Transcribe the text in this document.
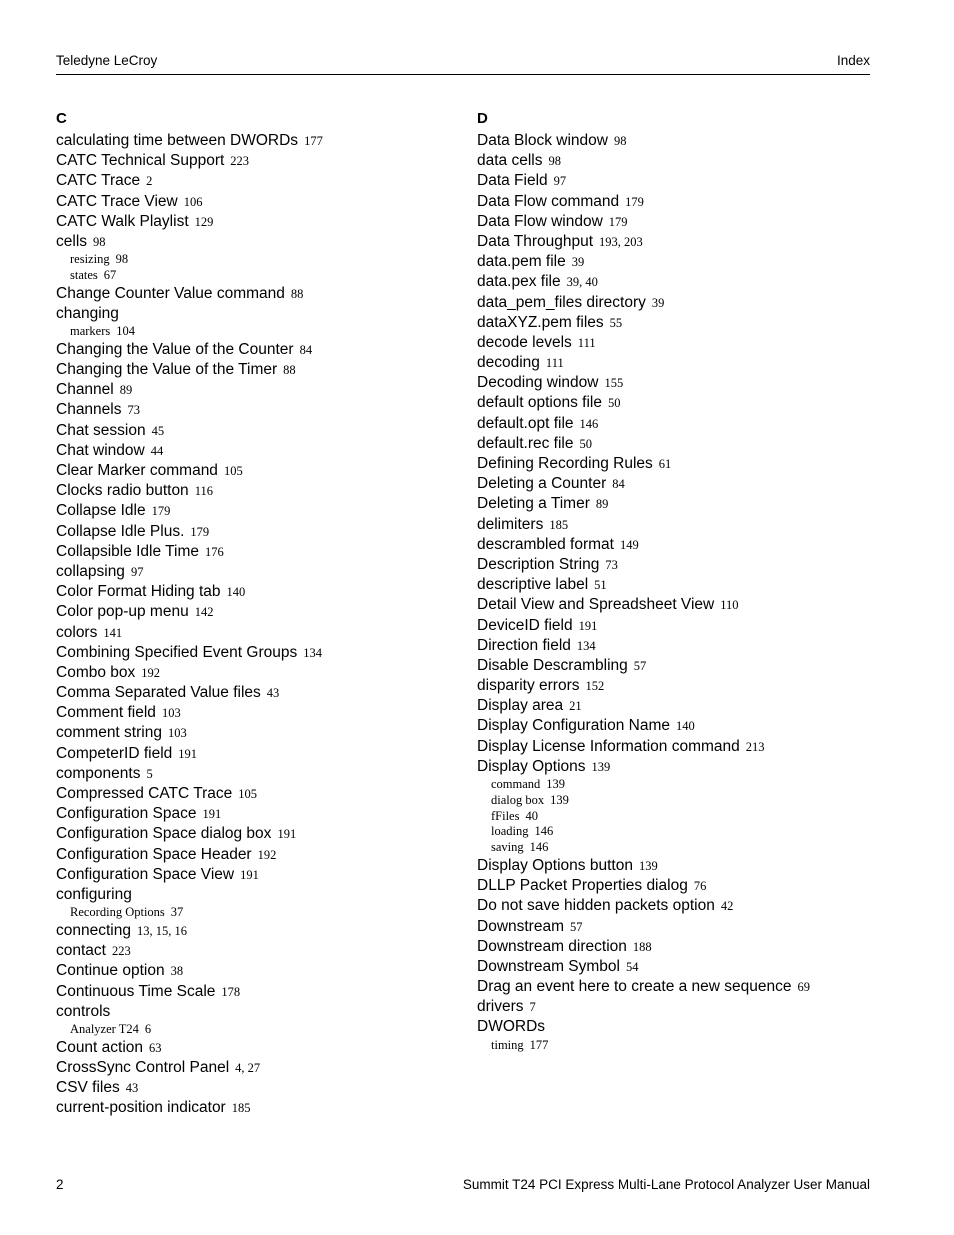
Teledyne LeCroy	Index
C
calculating time between DWORDs 177
CATC Technical Support 223
CATC Trace 2
CATC Trace View 106
CATC Walk Playlist 129
cells 98
resizing 98
states 67
Change Counter Value command 88
changing
markers 104
Changing the Value of the Counter 84
Changing the Value of the Timer 88
Channel 89
Channels 73
Chat session 45
Chat window 44
Clear Marker command 105
Clocks radio button 116
Collapse Idle 179
Collapse Idle Plus. 179
Collapsible Idle Time 176
collapsing 97
Color Format Hiding tab 140
Color pop-up menu 142
colors 141
Combining Specified Event Groups 134
Combo box 192
Comma Separated Value files 43
Comment field 103
comment string 103
CompeterID field 191
components 5
Compressed CATC Trace 105
Configuration Space 191
Configuration Space dialog box 191
Configuration Space Header 192
Configuration Space View 191
configuring
Recording Options 37
connecting 13, 15, 16
contact 223
Continue option 38
Continuous Time Scale 178
controls
Analyzer T24 6
Count action 63
CrossSync Control Panel 4, 27
CSV files 43
current-position indicator 185
D
Data Block window 98
data cells 98
Data Field 97
Data Flow command 179
Data Flow window 179
Data Throughput 193, 203
data.pem file 39
data.pex file 39, 40
data_pem_files directory 39
dataXYZ.pem files 55
decode levels 111
decoding 111
Decoding window 155
default options file 50
default.opt file 146
default.rec file 50
Defining Recording Rules 61
Deleting a Counter 84
Deleting a Timer 89
delimiters 185
descrambled format 149
Description String 73
descriptive label 51
Detail View and Spreadsheet View 110
DeviceID field 191
Direction field 134
Disable Descrambling 57
disparity errors 152
Display area 21
Display Configuration Name 140
Display License Information command 213
Display Options 139
command 139
dialog box 139
fFiles 40
loading 146
saving 146
Display Options button 139
DLLP Packet Properties dialog 76
Do not save hidden packets option 42
Downstream 57
Downstream direction 188
Downstream Symbol 54
Drag an event here to create a new sequence 69
drivers 7
DWORDs
timing 177
2	Summit T24 PCI Express Multi-Lane Protocol Analyzer User Manual
